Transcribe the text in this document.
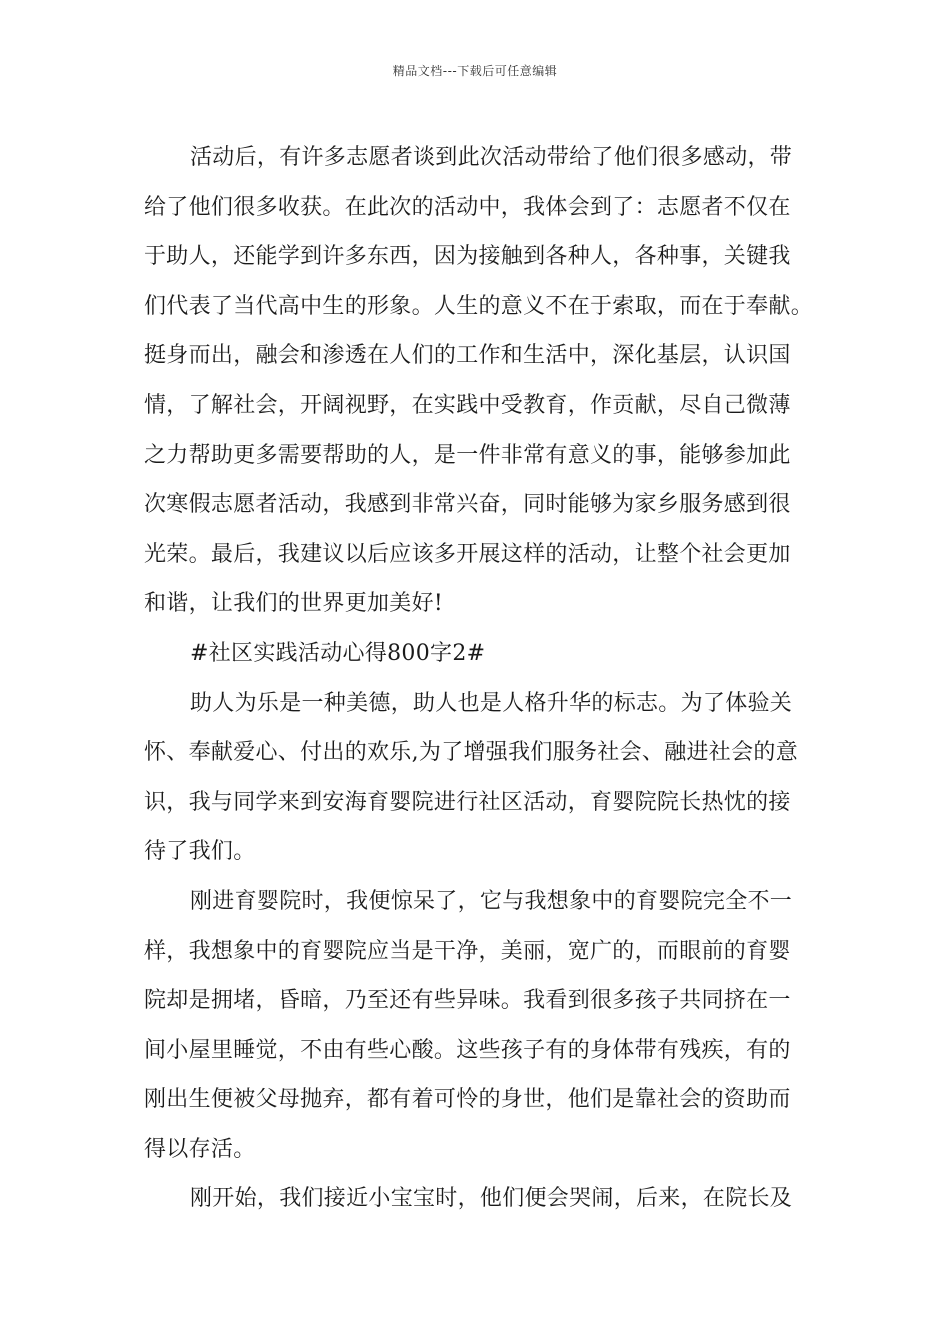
精品文档---下载后可任意编辑
活动后，有许多志愿者谈到此次活动带给了他们很多感动，带
给了他们很多收获。在此次的活动中，我体会到了：志愿者不仅在
于助人，还能学到许多东西，因为接触到各种人，各种事，关键我
们代表了当代高中生的形象。人生的意义不在于索取，而在于奉献。
挺身而出，融会和渗透在人们的工作和生活中，深化基层，认识国
情，了解社会，开阔视野，在实践中受教育，作贡献，尽自己微薄
之力帮助更多需要帮助的人，是一件非常有意义的事，能够参加此
次寒假志愿者活动，我感到非常兴奋，同时能够为家乡服务感到很
光荣。最后，我建议以后应该多开展这样的活动，让整个社会更加
和谐，让我们的世界更加美好!
#社区实践活动心得800字2#
助人为乐是一种美德，助人也是人格升华的标志。为了体验关
怀、奉献爱心、付出的欢乐,为了增强我们服务社会、融进社会的意
识，我与同学来到安海育婴院进行社区活动，育婴院院长热忱的接
待了我们。
刚进育婴院时，我便惊呆了，它与我想象中的育婴院完全不一
样，我想象中的育婴院应当是干净，美丽，宽广的，而眼前的育婴
院却是拥堵，昏暗，乃至还有些异味。我看到很多孩子共同挤在一
间小屋里睡觉，不由有些心酸。这些孩子有的身体带有残疾，有的
刚出生便被父母抛弃，都有着可怜的身世，他们是靠社会的资助而
得以存活。
刚开始，我们接近小宝宝时，他们便会哭闹，后来，在院长及
